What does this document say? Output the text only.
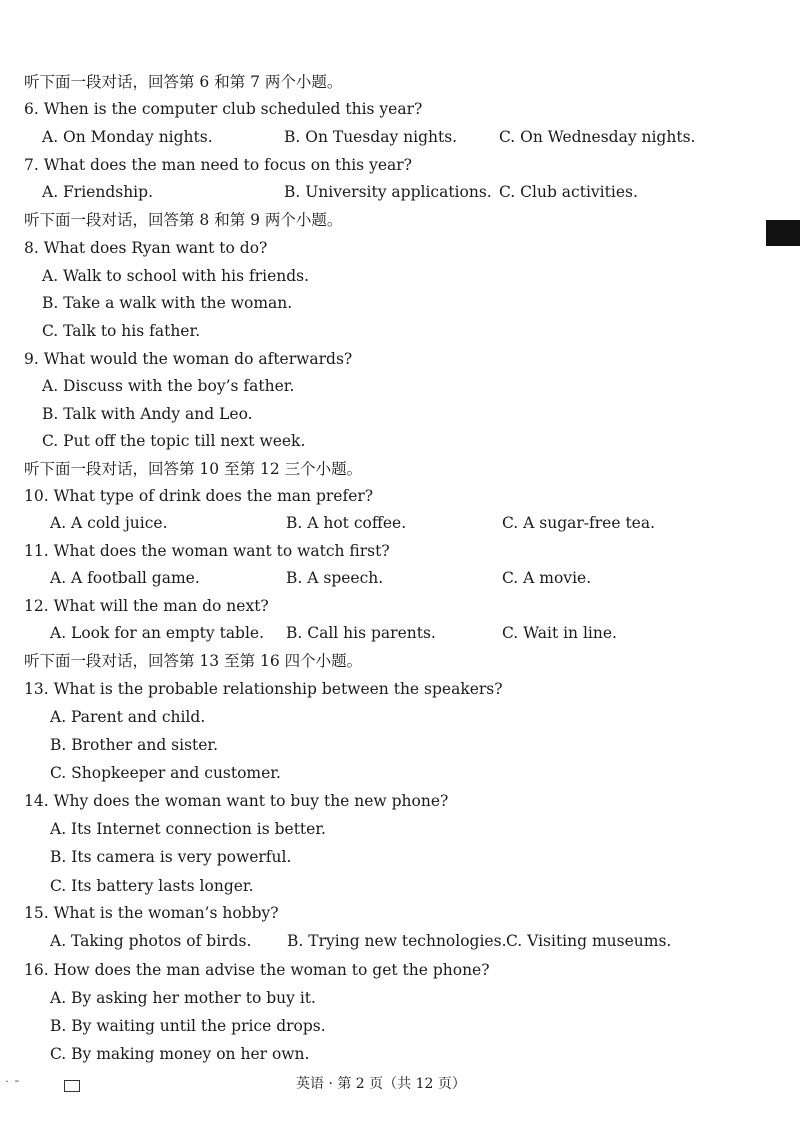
听下面一段对话，回答第 6 和第 7 两个小题。
6. When is the computer club scheduled this year?
A. On Monday nights.	B. On Tuesday nights.	C. On Wednesday nights.
7. What does the man need to focus on this year?
A. Friendship.	B. University applications. C. Club activities.
听下面一段对话，回答第 8 和第 9 两个小题。
8. What does Ryan want to do?
A. Walk to school with his friends.
B. Take a walk with the woman.
C. Talk to his father.
9. What would the woman do afterwards?
A. Discuss with the boy’s father.
B. Talk with Andy and Leo.
C. Put off the topic till next week.
听下面一段对话，回答第 10 至第 12 三个小题。
10. What type of drink does the man prefer?
A. A cold juice.	B. A hot coffee.	C. A sugar-free tea.
11. What does the woman want to watch first?
A. A football game.	B. A speech.	C. A movie.
12. What will the man do next?
A. Look for an empty table. B. Call his parents.	C. Wait in line.
听下面一段对话，回答第 13 至第 16 四个小题。
13. What is the probable relationship between the speakers?
A. Parent and child.
B. Brother and sister.
C. Shopkeeper and customer.
14. Why does the woman want to buy the new phone?
A. Its Internet connection is better.
B. Its camera is very powerful.
C. Its battery lasts longer.
15. What is the woman’s hobby?
A. Taking photos of birds. B. Trying new technologies. C. Visiting museums.
16. How does the man advise the woman to get the phone?
A. By asking her mother to buy it.
B. By waiting until the price drops.
C. By making money on her own.
˙ ¯	英语 · 第 2 页（共 12 页）
